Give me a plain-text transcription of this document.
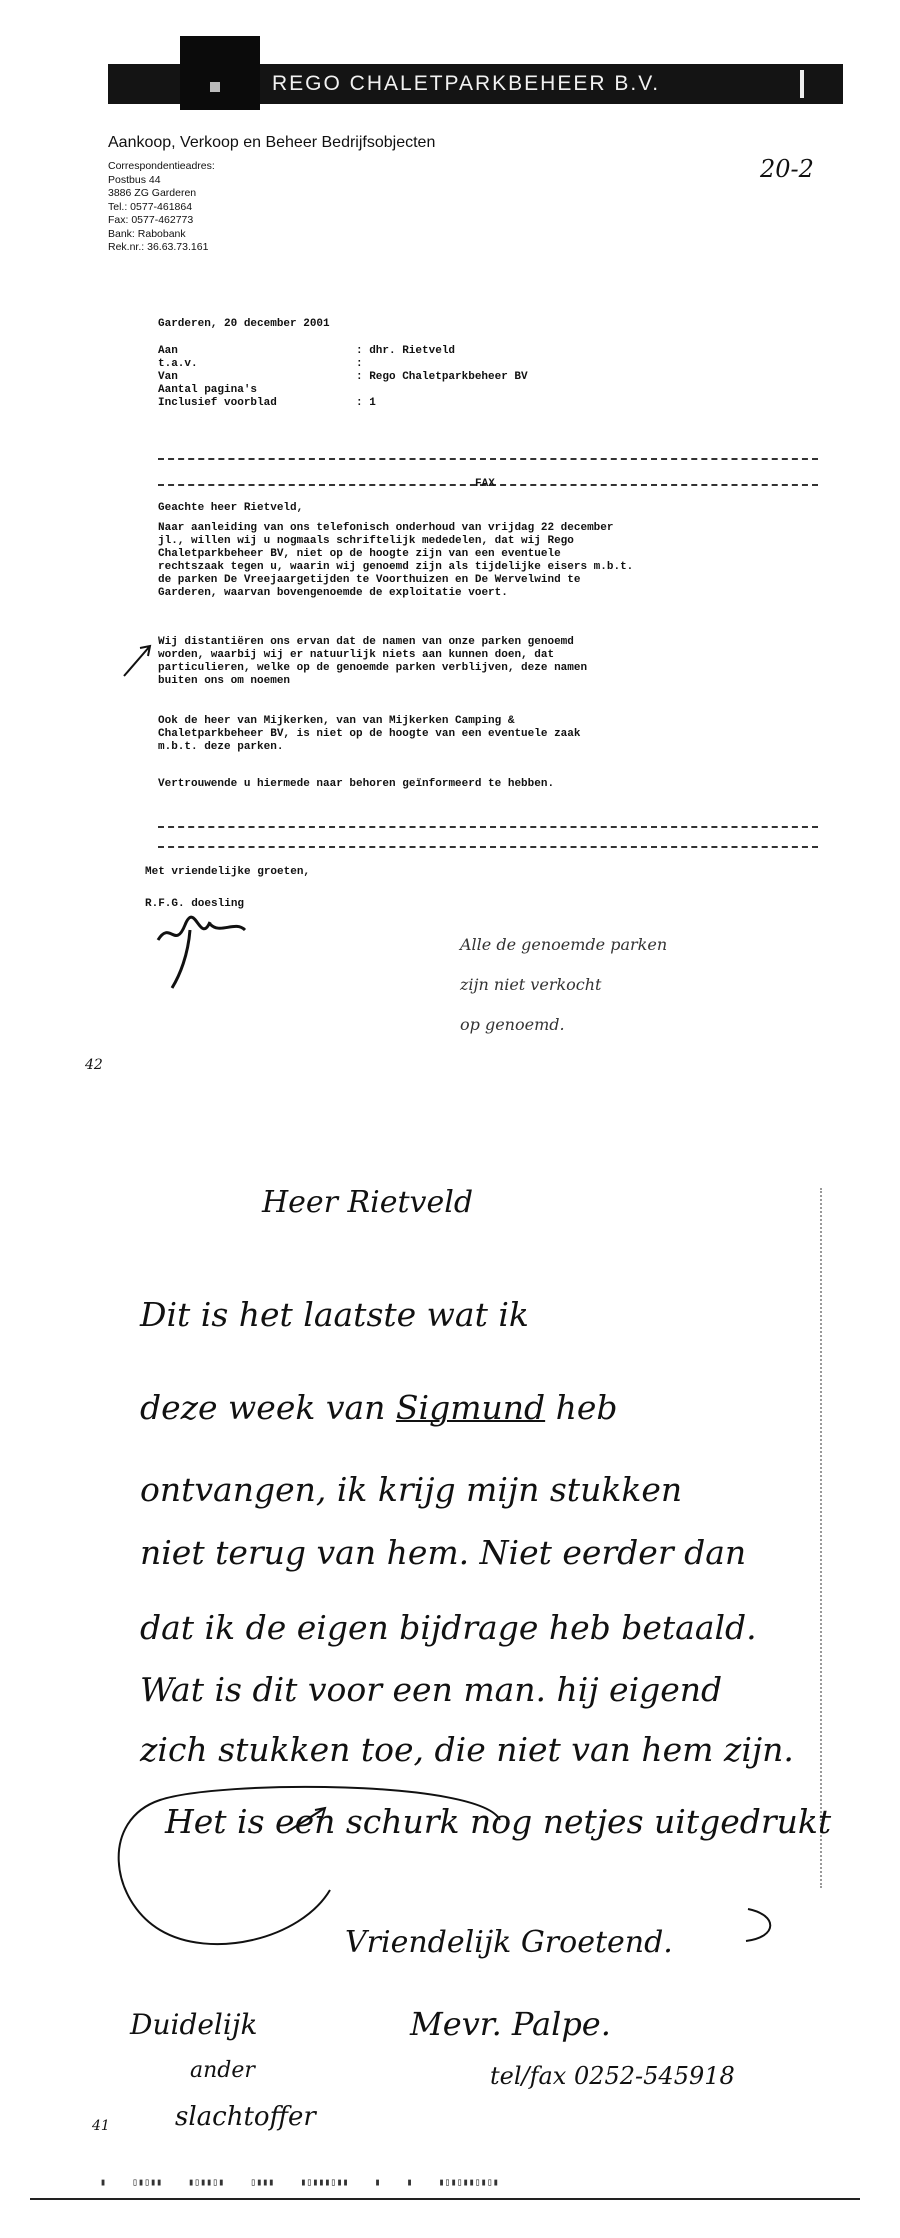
REGO CHALETPARKBEHEER B.V.
Aankoop, Verkoop en Beheer Bedrijfsobjecten
Correspondentieadres:
Postbus 44
3886 ZG Garderen
Tel.: 0577-461864
Fax: 0577-462773
Bank: Rabobank
Rek.nr.: 36.63.73.161
20-2
Garderen, 20 december 2001
Aan	: dhr. Rietveld
t.a.v.	:
Van	: Rego Chaletparkbeheer BV
Aantal pagina's
Inclusief voorblad	: 1
FAX
Geachte heer Rietveld,
Naar aanleiding van ons telefonisch onderhoud van vrijdag 22 december
jl., willen wij u nogmaals schriftelijk mededelen, dat wij Rego
Chaletparkbeheer BV, niet op de hoogte zijn van een eventuele
rechtszaak tegen u, waarin wij genoemd zijn als tijdelijke eisers m.b.t.
de parken De Vreejaargetijden te Voorthuizen en De Wervelwind te
Garderen, waarvan bovengenoemde de exploitatie voert.
Wij distantiëren ons ervan dat de namen van onze parken genoemd
worden, waarbij wij er natuurlijk niets aan kunnen doen, dat
particulieren, welke op de genoemde parken verblijven, deze namen
buiten ons om noemen
Ook de heer van Mijkerken, van van Mijkerken Camping &
Chaletparkbeheer BV, is niet op de hoogte van een eventuele zaak
m.b.t. deze parken.
Vertrouwende u hiermede naar behoren geïnformeerd te hebben.
Met vriendelijke groeten,
R.F.G. doesling
Alle de genoemde parken
zijn niet verkocht
op genoemd.
42
Heer Rietveld
Dit is het laatste wat ik
deze week van Sigmund heb
ontvangen, ik krijg mijn stukken
niet terug van hem. Niet eerder dan
dat ik de eigen bijdrage heb betaald.
Wat is dit voor een man. hij eigend
zich stukken toe, die niet van hem zijn.
Het is een schurk nog netjes uitgedrukt
Vriendelijk Groetend.
Mevr. Palpe.
tel/fax 0252-545918
Duidelijk
ander
slachtoffer
41
▮ ▯▮▯▮▮ ▮▯▮▮▯▮ ▯▮▮▮ ▮▯▮▮▮▯▮▮ ▮ ▮ ▮▯▮▯▮▮▯▮▯▮
